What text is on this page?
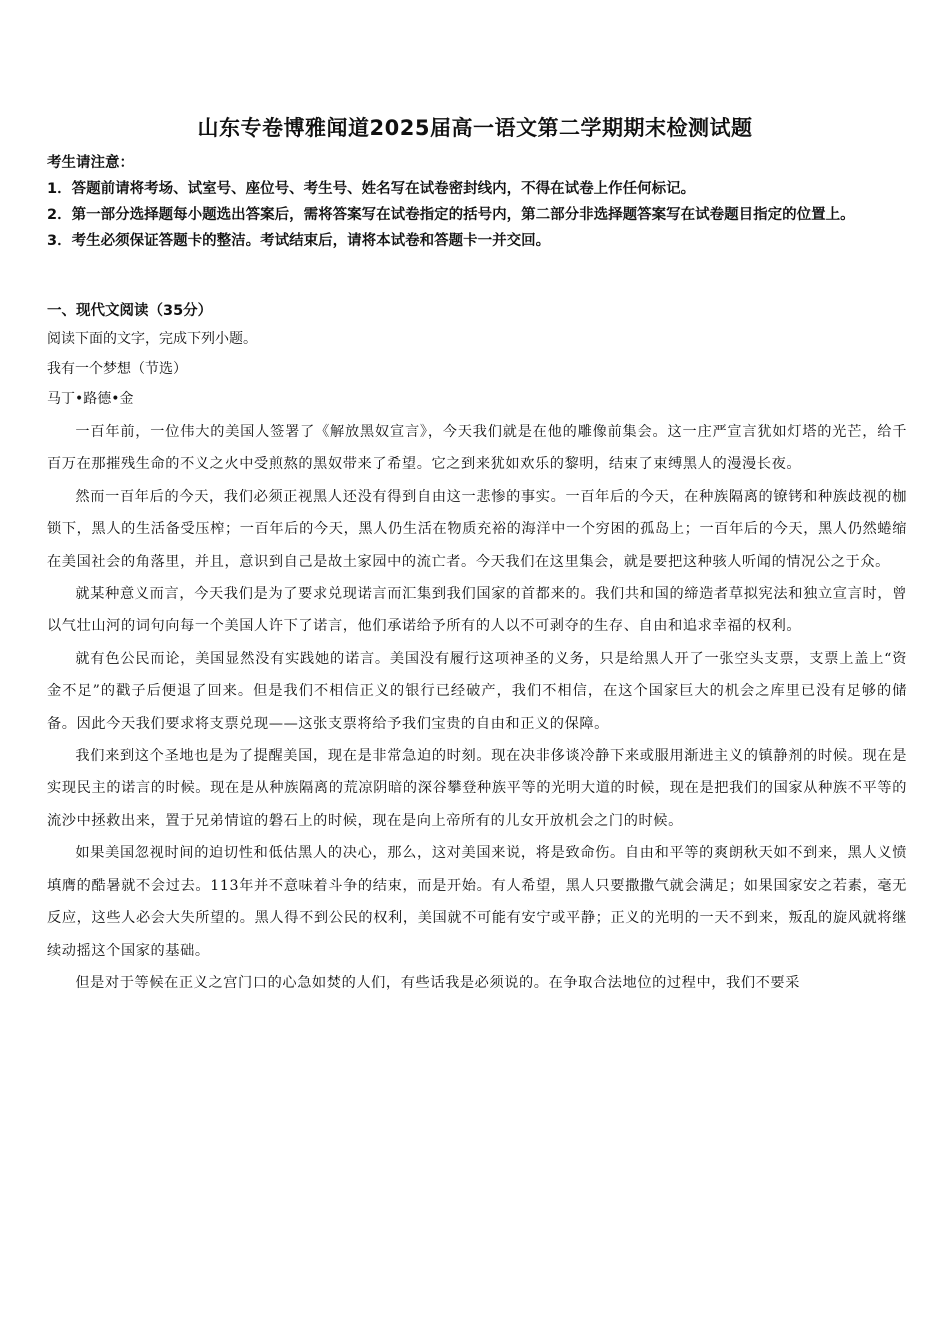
山东专卷博雅闻道2025届高一语文第二学期期末检测试题

考生请注意：

1．答题前请将考场、试室号、座位号、考生号、姓名写在试卷密封线内，不得在试卷上作任何标记。

2．第一部分选择题每小题选出答案后，需将答案写在试卷指定的括号内，第二部分非选择题答案写在试卷题目指定的位置上。

3．考生必须保证答题卡的整洁。考试结束后，请将本试卷和答题卡一并交回。

一、现代文阅读（35分）

阅读下面的文字，完成下列小题。

我有一个梦想（节选）

马丁•路德•金

一百年前，一位伟大的美国人签署了《解放黑奴宣言》，今天我们就是在他的雕像前集会。这一庄严宣言犹如灯塔的光芒，给千百万在那摧残生命的不义之火中受煎熬的黑奴带来了希望。它之到来犹如欢乐的黎明，结束了束缚黑人的漫漫长夜。

然而一百年后的今天，我们必须正视黑人还没有得到自由这一悲惨的事实。一百年后的今天，在种族隔离的镣铐和种族歧视的枷锁下，黑人的生活备受压榨；一百年后的今天，黑人仍生活在物质充裕的海洋中一个穷困的孤岛上；一百年后的今天，黑人仍然蜷缩在美国社会的角落里，并且，意识到自己是故土家园中的流亡者。今天我们在这里集会，就是要把这种骇人听闻的情况公之于众。

就某种意义而言，今天我们是为了要求兑现诺言而汇集到我们国家的首都来的。我们共和国的缔造者草拟宪法和独立宣言时，曾以气壮山河的词句向每一个美国人许下了诺言，他们承诺给予所有的人以不可剥夺的生存、自由和追求幸福的权利。

就有色公民而论，美国显然没有实践她的诺言。美国没有履行这项神圣的义务，只是给黑人开了一张空头支票，支票上盖上“资金不足”的戳子后便退了回来。但是我们不相信正义的银行已经破产，我们不相信，在这个国家巨大的机会之库里已没有足够的储备。因此今天我们要求将支票兑现——这张支票将给予我们宝贵的自由和正义的保障。

我们来到这个圣地也是为了提醒美国，现在是非常急迫的时刻。现在决非侈谈冷静下来或服用渐进主义的镇静剂的时候。现在是实现民主的诺言的时候。现在是从种族隔离的荒凉阴暗的深谷攀登种族平等的光明大道的时候，现在是把我们的国家从种族不平等的流沙中拯救出来，置于兄弟情谊的磐石上的时候，现在是向上帝所有的儿女开放机会之门的时候。

如果美国忽视时间的迫切性和低估黑人的决心，那么，这对美国来说，将是致命伤。自由和平等的爽朗秋天如不到来，黑人义愤填膺的酷暑就不会过去。113年并不意味着斗争的结束，而是开始。有人希望，黑人只要撒撒气就会满足；如果国家安之若素，毫无反应，这些人必会大失所望的。黑人得不到公民的权利，美国就不可能有安宁或平静；正义的光明的一天不到来，叛乱的旋风就将继续动摇这个国家的基础。

但是对于等候在正义之宫门口的心急如焚的人们，有些话我是必须说的。在争取合法地位的过程中，我们不要采
